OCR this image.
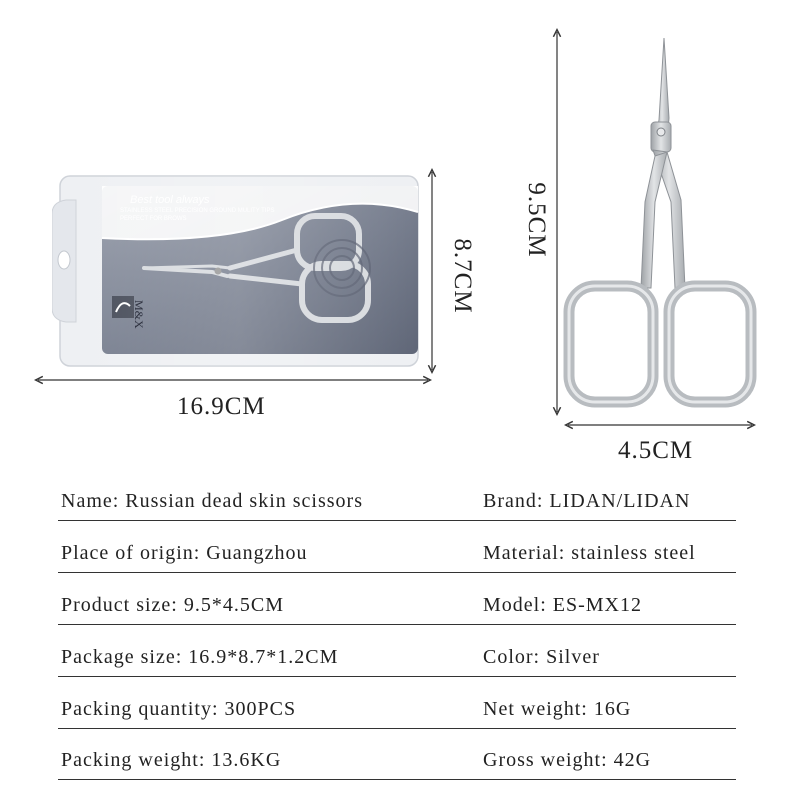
Best tool always
STAINLESS STEEL PRECISION GROUND MULITY TIPS
PERFECT FOR BROWS
M&X
16.9CM
8.7CM
9.5CM
4.5CM
Name: Russian dead skin scissors	Brand: LIDAN/LIDAN
Place of origin: Guangzhou	Material: stainless steel
Product size: 9.5*4.5CM	Model: ES-MX12
Package size: 16.9*8.7*1.2CM	Color: Silver
Packing quantity: 300PCS	Net weight: 16G
Packing weight: 13.6KG	Gross weight: 42G
